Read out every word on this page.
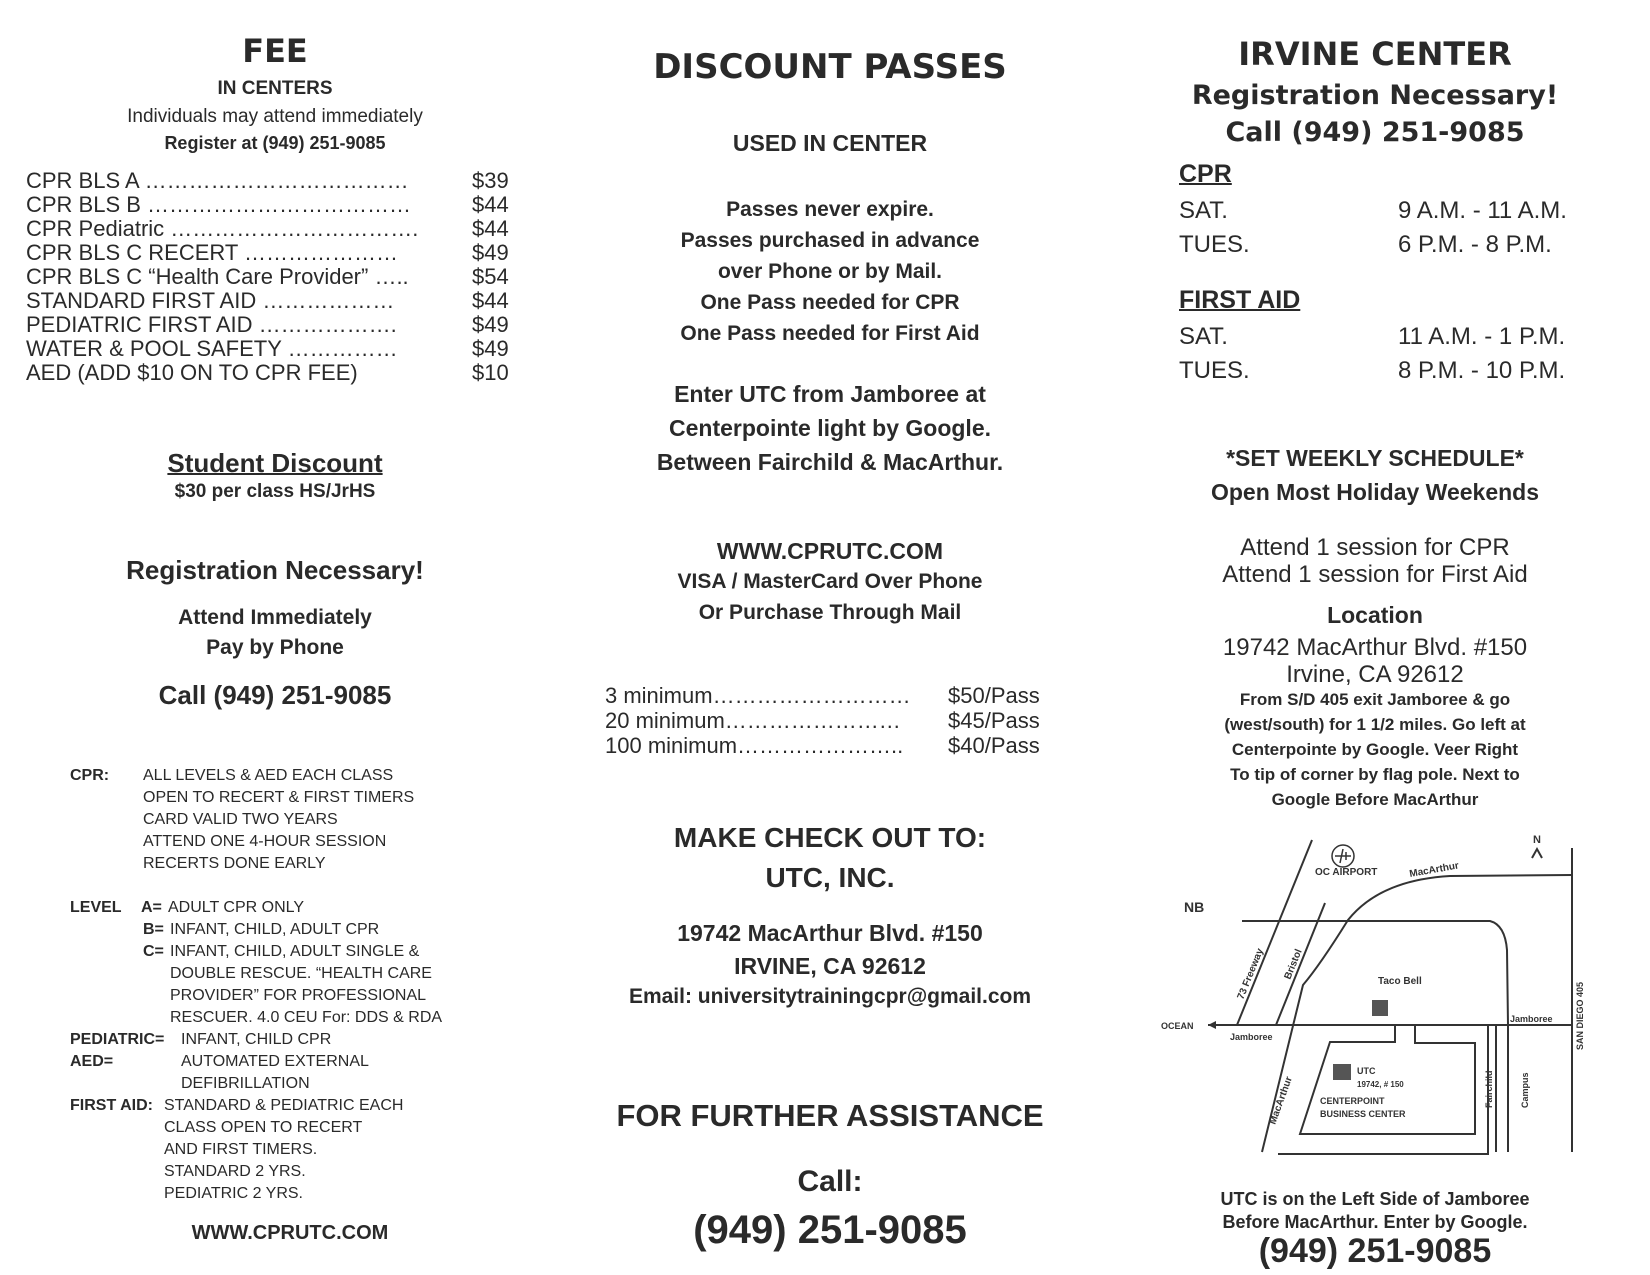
FEE
IN CENTERS
Individuals may attend immediately
Register at (949) 251-9085
CPR BLS A ………………………………	$39
CPR BLS B ………………………………	$44
CPR Pediatric ……………………………. $44
CPR BLS C RECERT …………………	$49
CPR BLS C “Health Care Provider” …..	$54
STANDARD FIRST AID ………………	$44
PEDIATRIC FIRST AID ……………….	$49
WATER & POOL SAFETY ……………	$49
AED (ADD $10 ON TO CPR FEE)	$10
Student Discount
$30 per class HS/JrHS
Registration Necessary!
Attend Immediately
Pay by Phone
Call (949) 251-9085
CPR: ALL LEVELS & AED EACH CLASS
OPEN TO RECERT & FIRST TIMERS
CARD VALID TWO YEARS
ATTEND ONE 4-HOUR SESSION
RECERTS DONE EARLY
LEVEL A= ADULT CPR ONLY
B= INFANT, CHILD, ADULT CPR
C= INFANT, CHILD, ADULT SINGLE &
DOUBLE RESCUE. “HEALTH CARE
PROVIDER” FOR PROFESSIONAL
RESCUER. 4.0 CEU For: DDS & RDA
PEDIATRIC= INFANT, CHILD CPR
AED=	AUTOMATED EXTERNAL
DEFIBRILLATION
FIRST AID: STANDARD & PEDIATRIC EACH
CLASS OPEN TO RECERT
AND FIRST TIMERS.
STANDARD 2 YRS.
PEDIATRIC 2 YRS.
WWW.CPRUTC.COM
DISCOUNT PASSES
USED IN CENTER
Passes never expire.
Passes purchased in advance
over Phone or by Mail.
One Pass needed for CPR
One Pass needed for First Aid
Enter UTC from Jamboree at
Centerpointe light by Google.
Between Fairchild & MacArthur.
WWW.CPRUTC.COM
VISA / MasterCard Over Phone
Or Purchase Through Mail
3 minimum……………………… $50/Pass
20 minimum…………………… $45/Pass
100 minimum………………….. $40/Pass
MAKE CHECK OUT TO:
UTC, INC.
19742 MacArthur Blvd. #150
IRVINE, CA 92612
Email: universitytrainingcpr@gmail.com
FOR FURTHER ASSISTANCE
Call:
(949) 251-9085
IRVINE CENTER
Registration Necessary!
Call (949) 251-9085
CPR
SAT.	9 A.M. - 11 A.M.
TUES.	6 P.M. - 8 P.M.
FIRST AID
SAT.	11 A.M. - 1 P.M.
TUES.	8 P.M. - 10 P.M.
*SET WEEKLY SCHEDULE*
Open Most Holiday Weekends
Attend 1 session for CPR
Attend 1 session for First Aid
Location
19742 MacArthur Blvd. #150
Irvine, CA 92612
From S/D 405 exit Jamboree & go
(west/south) for 1 1/2 miles. Go left at
Centerpointe by Google. Veer Right
To tip of corner by flag pole. Next to
Google Before MacArthur
OC AIRPORT
N
MacArthur
NB
73 Freeway Bristol
Taco Bell
OCEAN
Jamboree
Jamboree SAN DIEGO 405
MacArthur
UTC
19742, # 150
CENTERPOINT
BUSINESS CENTER
Fairchild	Campus
UTC is on the Left Side of Jamboree
Before MacArthur. Enter by Google.
(949) 251-9085
